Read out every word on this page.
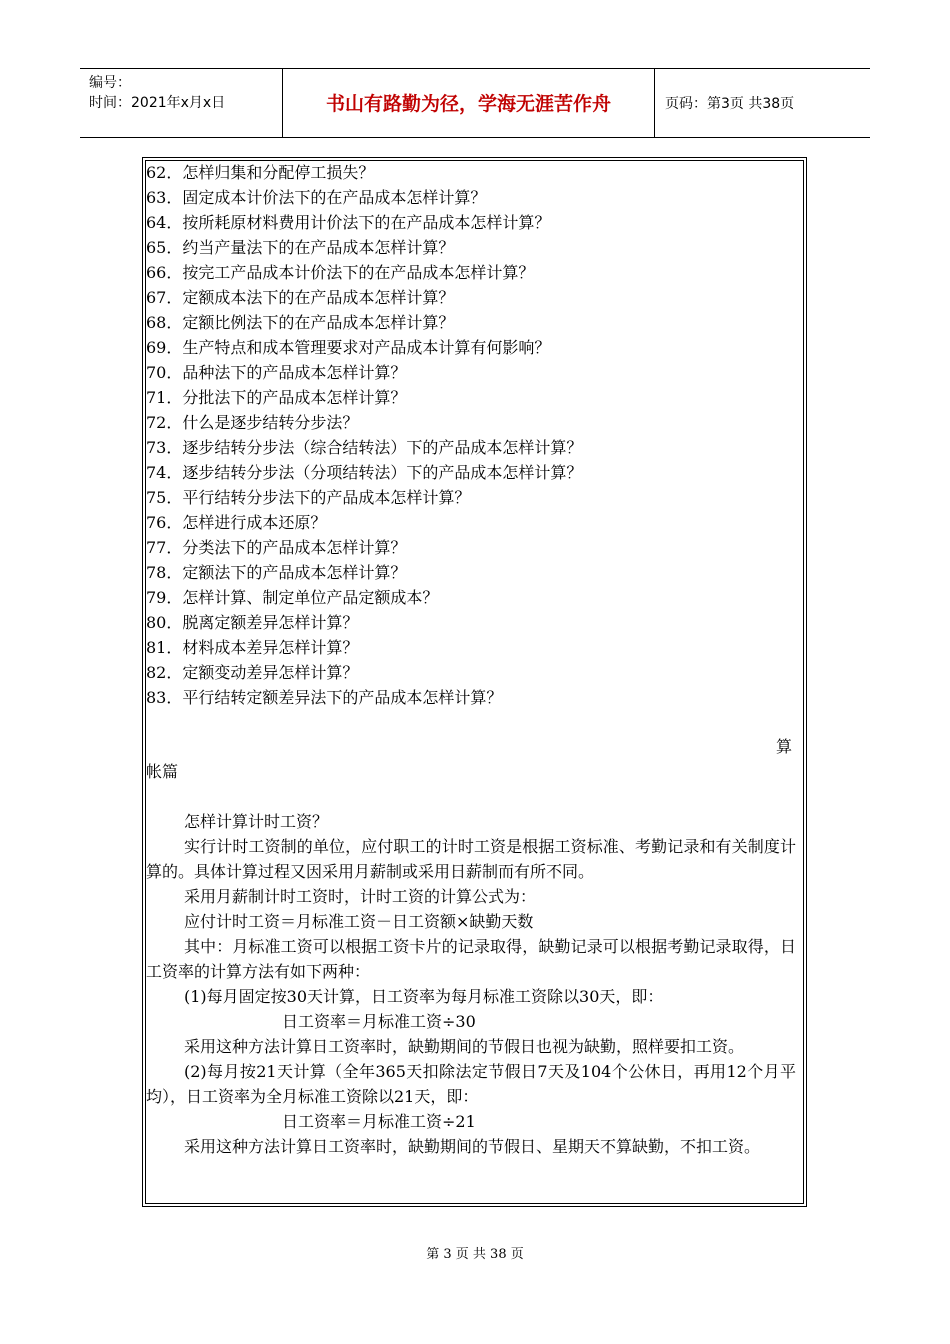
编号：
时间：2021年x月x日	书山有路勤为径，学海无涯苦作舟	页码：第3页 共38页
62．怎样归集和分配停工损失？
63．固定成本计价法下的在产品成本怎样计算？
64．按所耗原材料费用计价法下的在产品成本怎样计算？
65．约当产量法下的在产品成本怎样计算？
66．按完工产品成本计价法下的在产品成本怎样计算？
67．定额成本法下的在产品成本怎样计算？
68．定额比例法下的在产品成本怎样计算？
69．生产特点和成本管理要求对产品成本计算有何影响？
70．品种法下的产品成本怎样计算？
71．分批法下的产品成本怎样计算？
72．什么是逐步结转分步法？
73．逐步结转分步法（综合结转法）下的产品成本怎样计算？
74．逐步结转分步法（分项结转法）下的产品成本怎样计算？
75．平行结转分步法下的产品成本怎样计算？
76．怎样进行成本还原？
77．分类法下的产品成本怎样计算？
78．定额法下的产品成本怎样计算？
79．怎样计算、制定单位产品定额成本？
80．脱离定额差异怎样计算？
81．材料成本差异怎样计算？
82．定额变动差异怎样计算？
83．平行结转定额差异法下的产品成本怎样计算？
算
帐篇

怎样计算计时工资？

实行计时工资制的单位，应付职工的计时工资是根据工资标准、考勤记录和有关制度计算的。具体计算过程又因采用月薪制或采用日薪制而有所不同。

采用月薪制计时工资时，计时工资的计算公式为：

应付计时工资＝月标准工资－日工资额×缺勤天数

其中：月标准工资可以根据工资卡片的记录取得，缺勤记录可以根据考勤记录取得，日工资率的计算方法有如下两种：

(1)每月固定按30天计算，日工资率为每月标准工资除以30天，即：

日工资率＝月标准工资÷30

采用这种方法计算日工资率时，缺勤期间的节假日也视为缺勤，照样要扣工资。

(2)每月按21天计算（全年365天扣除法定节假日7天及104个公休日，再用12个月平均），日工资率为全月标准工资除以21天，即：

日工资率＝月标准工资÷21

采用这种方法计算日工资率时，缺勤期间的节假日、星期天不算缺勤，不扣工资。

第 3 页 共 38 页
